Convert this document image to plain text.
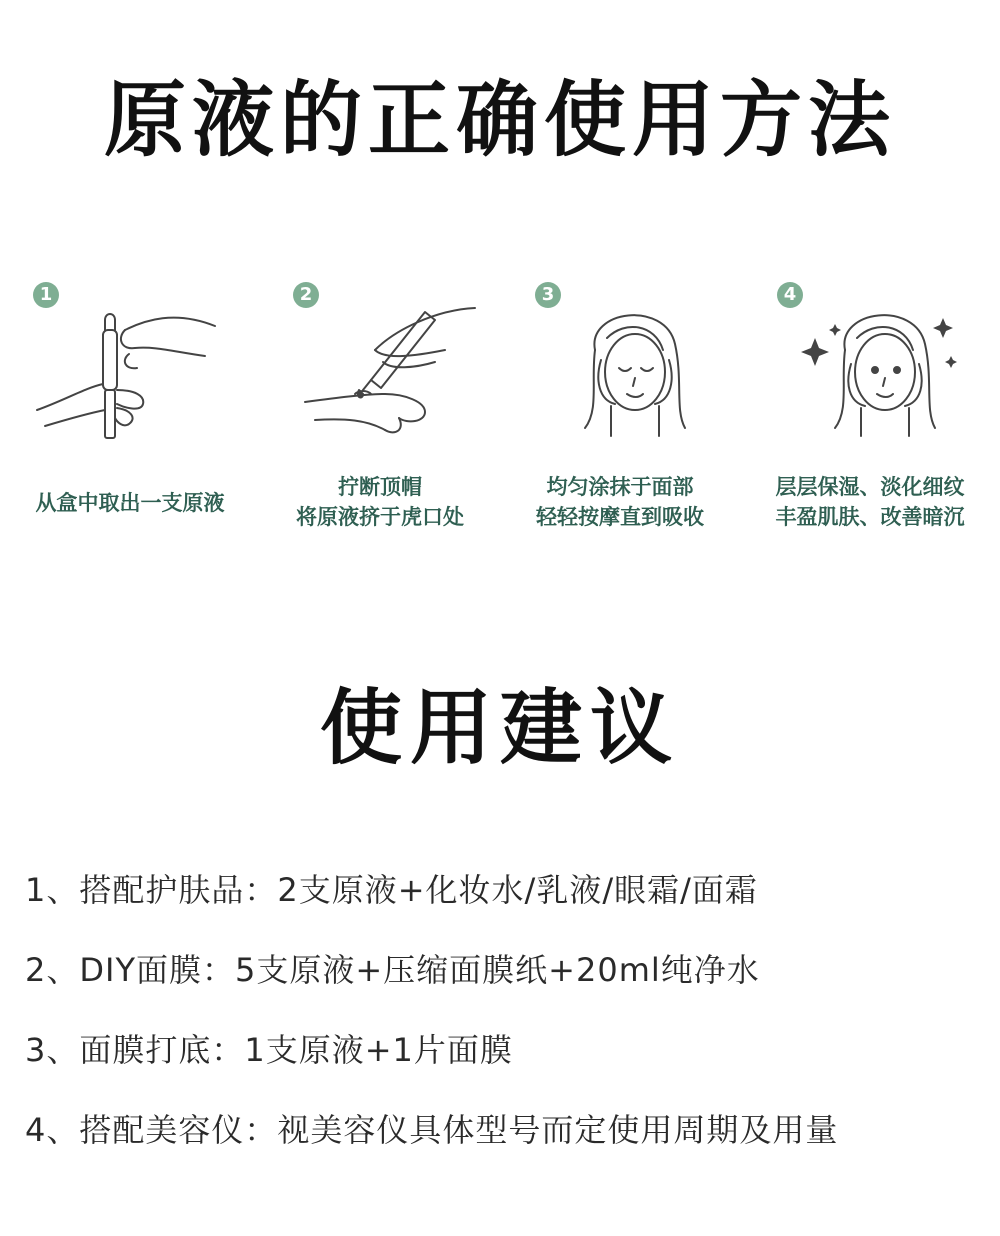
原液的正确使用方法
1
从盒中取出一支原液
2
拧断顶帽
将原液挤于虎口处
3
均匀涂抹于面部
轻轻按摩直到吸收
4
层层保湿、淡化细纹
丰盈肌肤、改善暗沉
使用建议
1、搭配护肤品：2支原液+化妆水/乳液/眼霜/面霜
2、DIY面膜：5支原液+压缩面膜纸+20ml纯净水
3、面膜打底：1支原液+1片面膜
4、搭配美容仪：视美容仪具体型号而定使用周期及用量
